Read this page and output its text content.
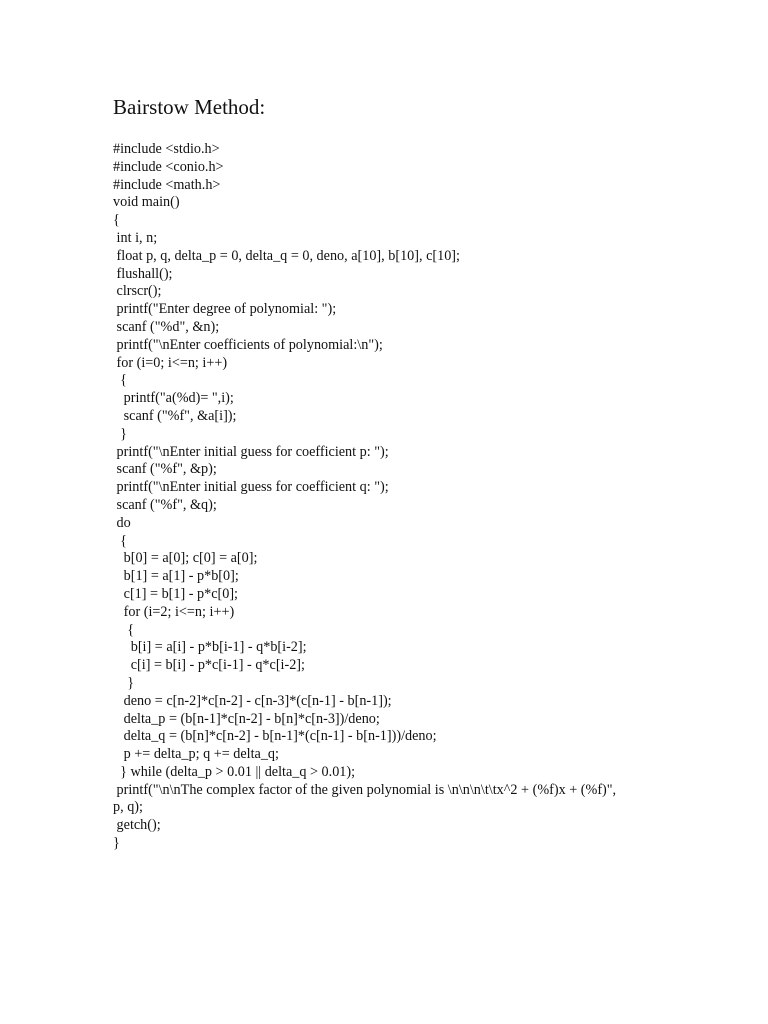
Bairstow Method:
#include <stdio.h>
#include <conio.h>
#include <math.h>
void main()
{
int i, n;
float p, q, delta_p = 0, delta_q = 0, deno, a[10], b[10], c[10];
flushall();
clrscr();
printf("Enter degree of polynomial: ");
scanf ("%d", &n);
printf("\nEnter coefficients of polynomial:\n");
for (i=0; i<=n; i++)
{
printf("a(%d)= ",i);
scanf ("%f", &a[i]);
}
printf("\nEnter initial guess for coefficient p: ");
scanf ("%f", &p);
printf("\nEnter initial guess for coefficient q: ");
scanf ("%f", &q);
do
{
b[0] = a[0]; c[0] = a[0];
b[1] = a[1] - p*b[0];
c[1] = b[1] - p*c[0];
for (i=2; i<=n; i++)
{
b[i] = a[i] - p*b[i-1] - q*b[i-2];
c[i] = b[i] - p*c[i-1] - q*c[i-2];
}
deno = c[n-2]*c[n-2] - c[n-3]*(c[n-1] - b[n-1]);
delta_p = (b[n-1]*c[n-2] - b[n]*c[n-3])/deno;
delta_q = (b[n]*c[n-2] - b[n-1]*(c[n-1] - b[n-1]))/deno;
p += delta_p; q += delta_q;
} while (delta_p > 0.01 || delta_q > 0.01);
printf("\n\nThe complex factor of the given polynomial is \n\n\n\t\tx^2 + (%f)x + (%f)",
p, q);
getch();
}
